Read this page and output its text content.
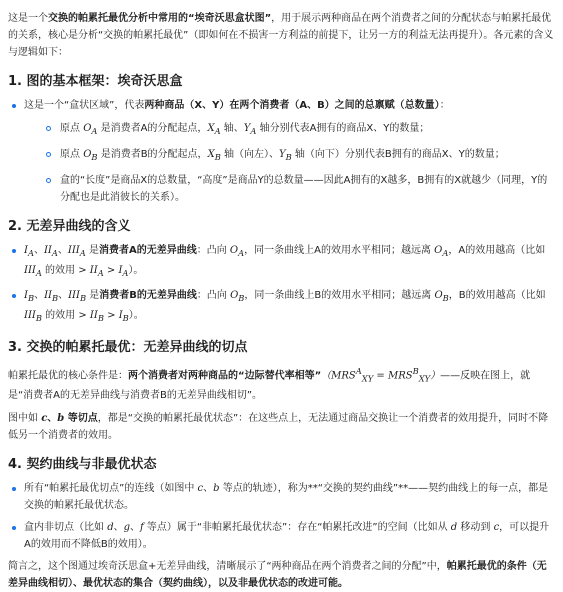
这是一个交换的帕累托最优分析中常用的“埃奇沃思盒状图”，用于展示两种商品在两个消费者之间的分配状态与帕累托最优的关系，核心是分析“交换的帕累托最优”（即如何在不损害一方利益的前提下，让另一方的利益无法再提升）。各元素的含义与逻辑如下：

1. 图的基本框架：埃奇沃思盒
这是一个“盒状区域”，代表两种商品（X、Y）在两个消费者（A、B）之间的总禀赋（总数量）：
原点 $O_A$ 是消费者A的分配起点，$X_A$ 轴、$Y_A$ 轴分别代表A拥有的商品X、Y的数量；
原点 $O_B$ 是消费者B的分配起点，$X_B$ 轴（向左）、$Y_B$ 轴（向下）分别代表B拥有的商品X、Y的数量；
盒的“长度”是商品X的总数量，“高度”是商品Y的总数量——因此A拥有的X越多，B拥有的X就越少（同理，Y的分配也是此消彼长的关系）。
2. 无差异曲线的含义
$I_A$、$II_A$、$III_A$ 是消费者A的无差异曲线：凸向 $O_A$，同一条曲线上A的效用水平相同；越远离 $O_A$，A的效用越高（比如 $III_A$ 的效用 > $II_A > I_A$）。
$I_B$、$II_B$、$III_B$ 是消费者B的无差异曲线：凸向 $O_B$，同一条曲线上B的效用水平相同；越远离 $O_B$，B的效用越高（比如 $III_B$ 的效用 > $II_B > I_B$）。
3. 交换的帕累托最优：无差异曲线的切点

帕累托最优的核心条件是：两个消费者对两种商品的“边际替代率相等$”(MRS^A_{XY}$ = $MRS^B_{XY})——$反映在图上，就是“消费者A的无差异曲线与消费者B的无差异曲线相切”。

图中如 c、b 等切点，都是“交换的帕累托最优状态”：在这些点上，无法通过商品交换让一个消费者的效用提升，同时不降低另一个消费者的效用。

4. 契约曲线与非最优状态
所有“帕累托最优切点”的连线（如图中 c、b 等点的轨迹），称为**“交换的契约曲线”**——契约曲线上的每一点，都是交换的帕累托最优状态。
盒内非切点（比如 d、g、f 等点）属于“非帕累托最优状态”：存在“帕累托改进”的空间（比如从 d 移动到 c，可以提升A的效用而不降低B的效用）。

简言之，这个图通过埃奇沃思盒+无差异曲线，清晰展示了“两种商品在两个消费者之间的分配”中，帕累托最优的条件（无差异曲线相切）、最优状态的集合（契约曲线），以及非最优状态的改进可能。
